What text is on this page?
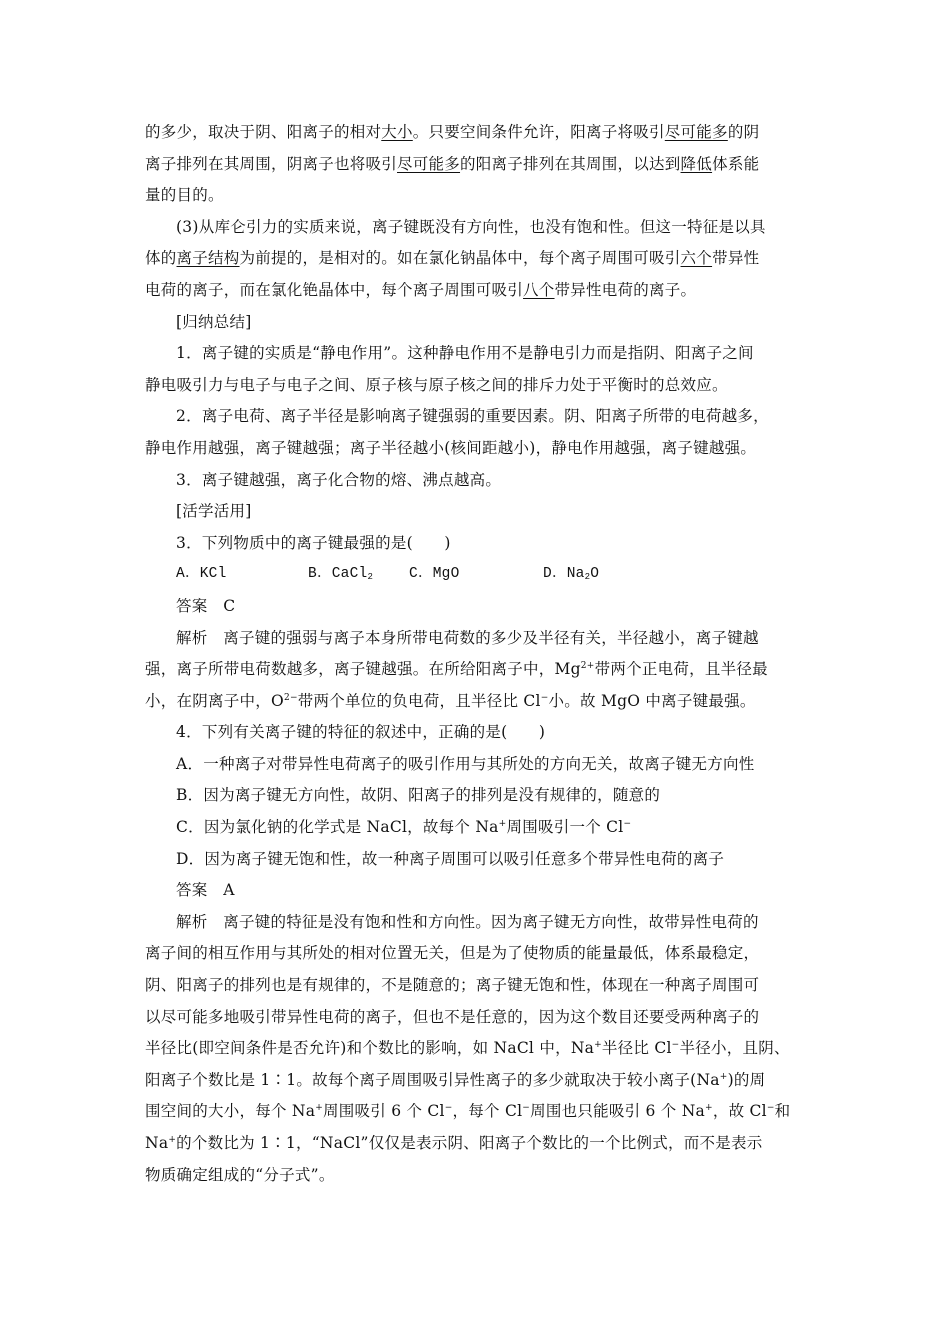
的多少，取决于阴、阳离子的相对大小。只要空间条件允许，阳离子将吸引尽可能多的阴
离子排列在其周围，阴离子也将吸引尽可能多的阳离子排列在其周围，以达到降低体系能
量的目的。
(3)从库仑引力的实质来说，离子键既没有方向性，也没有饱和性。但这一特征是以具
体的离子结构为前提的，是相对的。如在氯化钠晶体中，每个离子周围可吸引六个带异性
电荷的离子，而在氯化铯晶体中，每个离子周围可吸引八个带异性电荷的离子。
[归纳总结]
1．离子键的实质是“静电作用”。这种静电作用不是静电引力而是指阴、阳离子之间
静电吸引力与电子与电子之间、原子核与原子核之间的排斥力处于平衡时的总效应。
2．离子电荷、离子半径是影响离子键强弱的重要因素。阴、阳离子所带的电荷越多，
静电作用越强，离子键越强；离子半径越小(核间距越小)，静电作用越强，离子键越强。
3．离子键越强，离子化合物的熔、沸点越高。
[活学活用]
3．下列物质中的离子键最强的是(　　)
A．KCl	B．CaCl$_2$ C．MgO	D．$Na_2O$
答案　C
解析　离子键的强弱与离子本身所带电荷数的多少及半径有关，半径越小，离子键越
强，离子所带电荷数越多，离子键越强。在所给阳离子中，$Mg^{2+}$带两个正电荷，且半径最
小，在阴离子中，$O^{2-}$带两个单位的负电荷，且半径比 Cl−小。故 MgO 中离子键最强。
4．下列有关离子键的特征的叙述中，正确的是(　　)
A．一种离子对带异性电荷离子的吸引作用与其所处的方向无关，故离子键无方向性
B．因为离子键无方向性，故阴、阳离子的排列是没有规律的，随意的
C．因为氯化钠的化学式是 NaCl，故每个 Na+周围吸引一个 Cl−
D．因为离子键无饱和性，故一种离子周围可以吸引任意多个带异性电荷的离子
答案　A
解析　离子键的特征是没有饱和性和方向性。因为离子键无方向性，故带异性电荷的
离子间的相互作用与其所处的相对位置无关，但是为了使物质的能量最低，体系最稳定，
阴、阳离子的排列也是有规律的，不是随意的；离子键无饱和性，体现在一种离子周围可
以尽可能多地吸引带异性电荷的离子，但也不是任意的，因为这个数目还要受两种离子的
半径比(即空间条件是否允许)和个数比的影响，如 NaCl 中，Na+半径比 Cl−半径小，且阴、
阳离子个数比是 1∶1。故每个离子周围吸引异性离子的多少就取决于较小离子(Na+)的周
围空间的大小，每个 Na+周围吸引 6 个 Cl−，每个 Cl−周围也只能吸引 6 个 Na+，故 Cl−和
Na+的个数比为 1∶1，“NaCl”仅仅是表示阴、阳离子个数比的一个比例式，而不是表示
物质确定组成的“分子式”。
